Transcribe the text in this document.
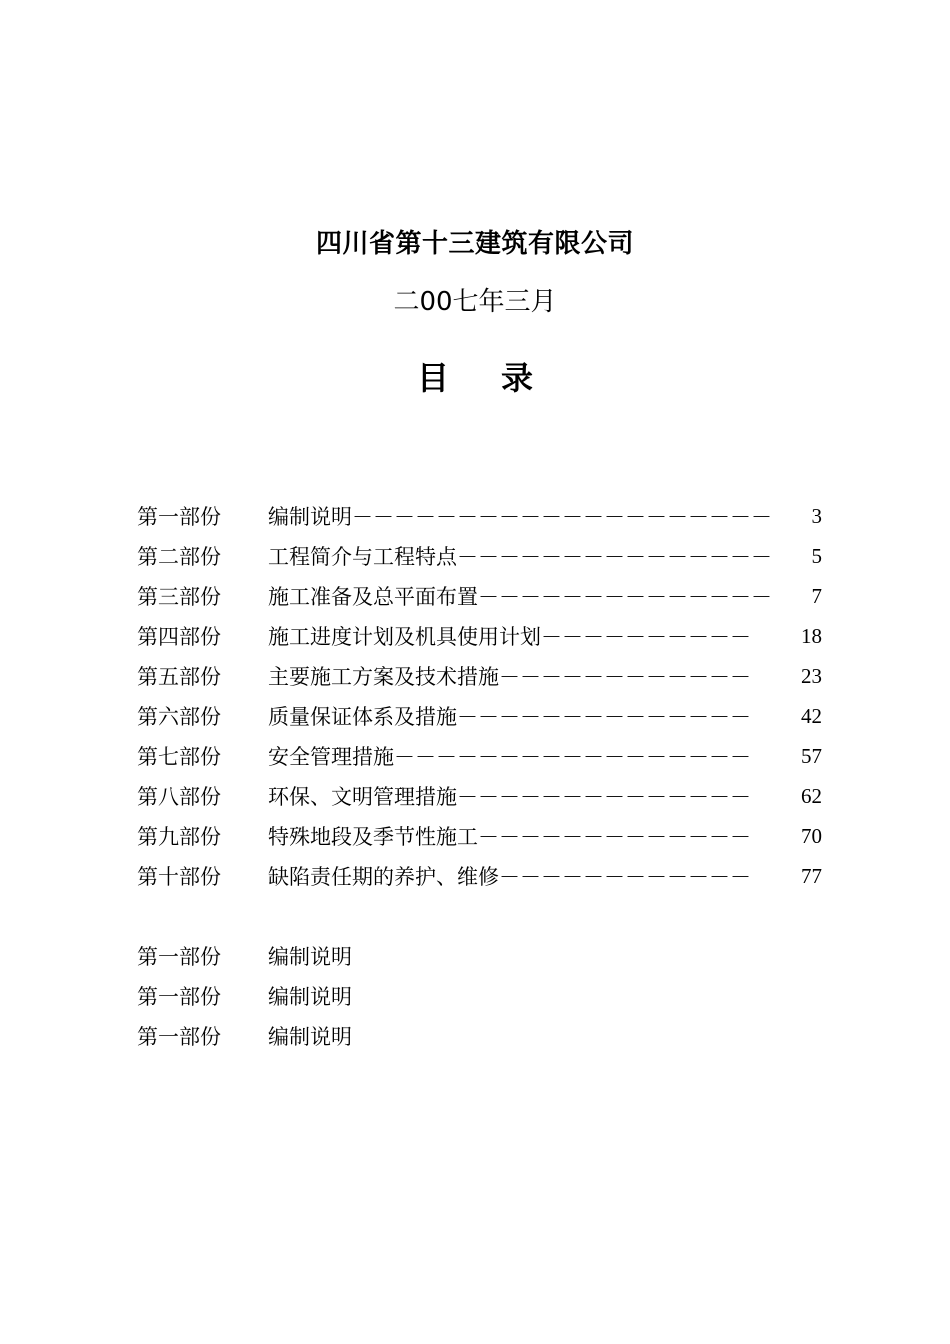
四川省第十三建筑有限公司
二00七年三月
目 录
第一部份	编制说明 －－－－－－－－－－－－－－－－－－－－	3
第二部份	工程简介与工程特点 －－－－－－－－－－－－－－－	5
第三部份	施工准备及总平面布置 －－－－－－－－－－－－－－	7
第四部份	施工进度计划及机具使用计划 －－－－－－－－－－	18
第五部份	主要施工方案及技术措施 －－－－－－－－－－－－	23
第六部份	质量保证体系及措施 －－－－－－－－－－－－－－	42
第七部份	安全管理措施 －－－－－－－－－－－－－－－－－	57
第八部份	环保、文明管理措施 －－－－－－－－－－－－－－	62
第九部份	特殊地段及季节性施工 －－－－－－－－－－－－－	70
第十部份	缺陷责任期的养护、维修 －－－－－－－－－－－－	77
第一部份	编制说明
第一部份	编制说明
第一部份	编制说明
